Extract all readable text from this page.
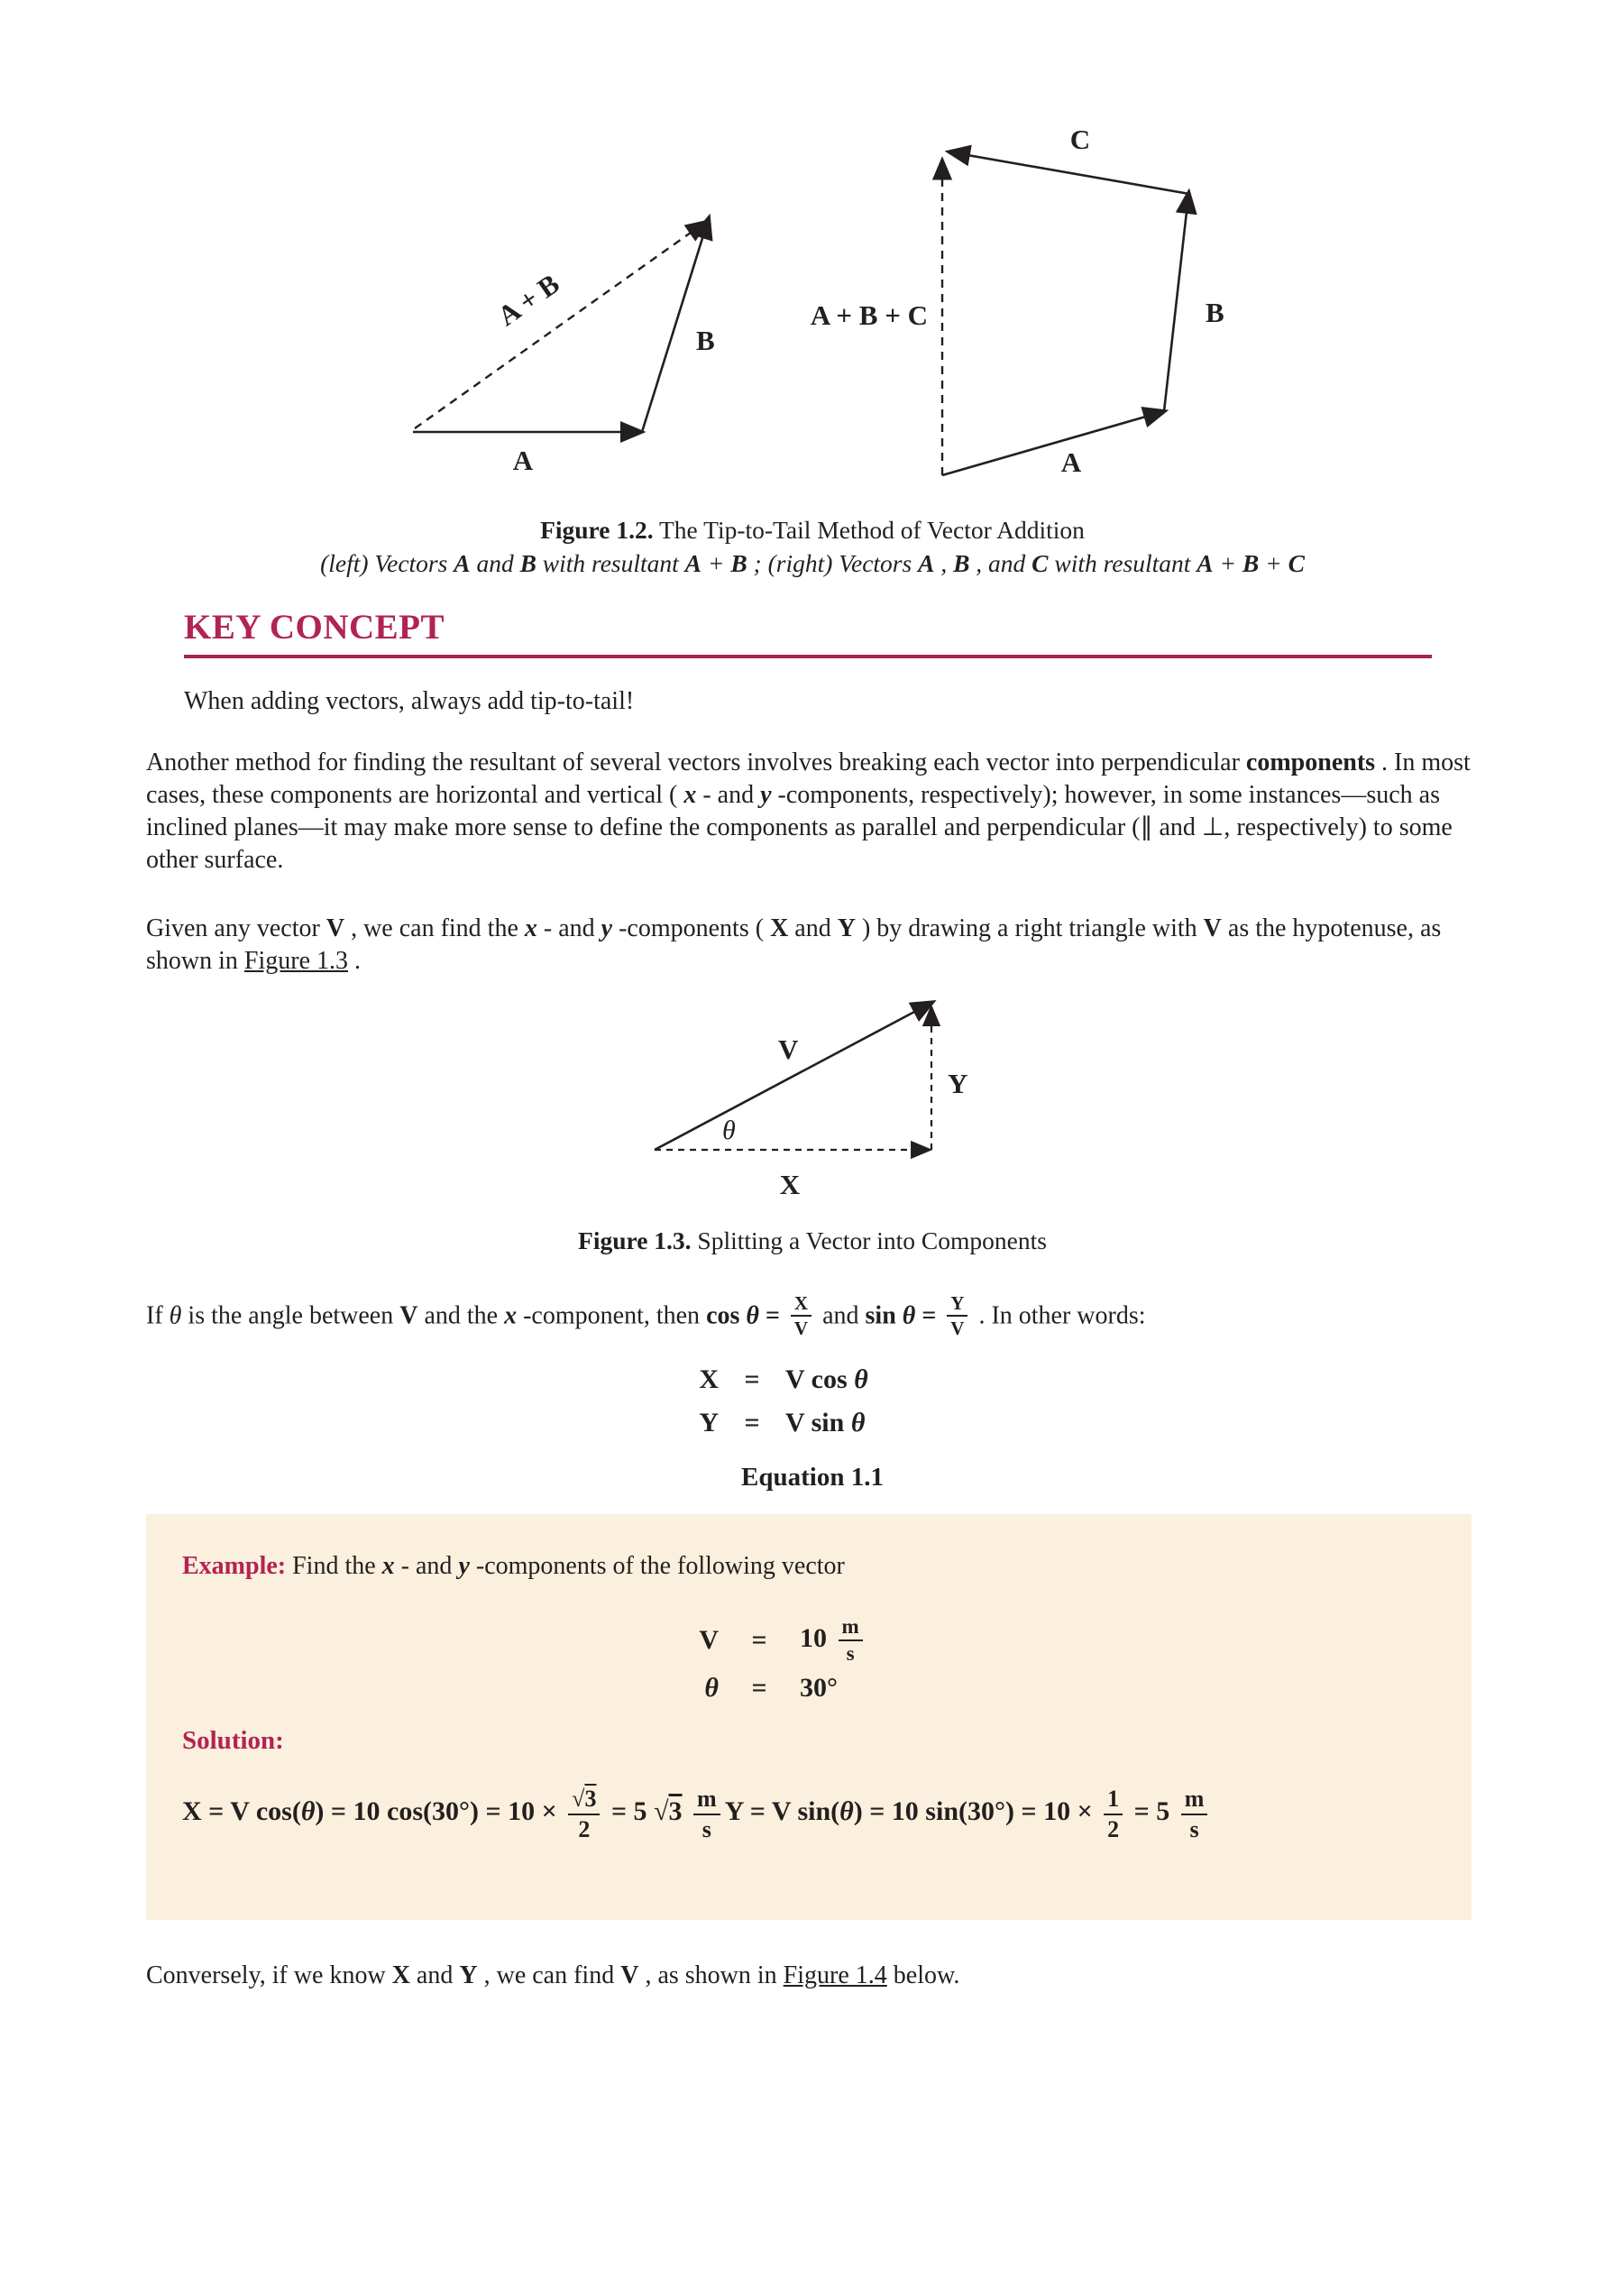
A
B
A + B
A
B
C
A + B + C
Figure 1.2. The Tip-to-Tail Method of Vector Addition
(left) Vectors A and B with resultant A + B ; (right) Vectors A , B , and C with resultant A + B + C
KEY CONCEPT

When adding vectors, always add tip-to-tail!

Another method for finding the resultant of several vectors involves breaking each vector into perpendicular components . In most cases, these components are horizontal and vertical ( x - and y -components, respectively); however, in some instances—such as inclined planes—it may make more sense to define the components as parallel and perpendicular (∥ and ⊥, respectively) to some other surface.

Given any vector V , we can find the x - and y -components ( X and Y ) by drawing a right triangle with V as the hypotenuse, as shown in Figure 1.3 .

V
Y
X
θ
Figure 1.3. Splitting a Vector into Components

If θ is the angle between V and the x -component, then $\cos \theta = \frac{X}{V}$ and $\sin \theta = \frac{Y}{V}$ . In other words:

X = V cos θ
Y = V sin θ
Equation 1.1

Example: Find the x - and y -components of the following vector

V	=	$10 \frac{m}{s}$
θ	=	30°

Solution:

X = V cos(θ) = 10 $\cos(30^\circ) = 10 \times \frac{√3}{2} = 5$ $√3 \frac{m}{s}$ Y = V sin(θ) = 10 $\sin(30^\circ) = 10 \times \frac{1}{2} = 5 \frac{m}{s}$

Conversely, if we know X and Y , we can find V , as shown in Figure 1.4 below.
